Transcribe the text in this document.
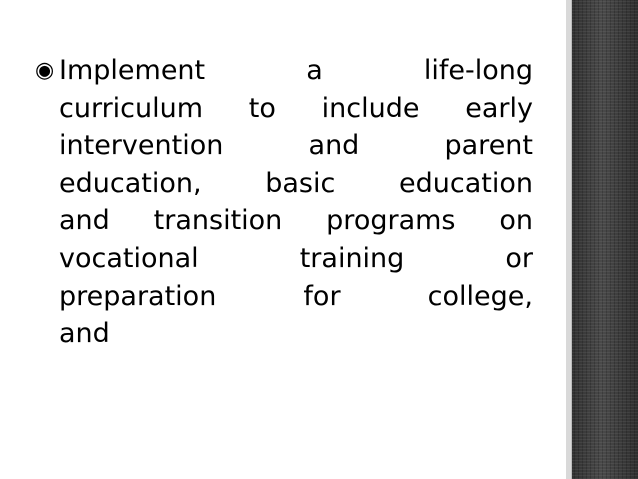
◉ Implement a life-long
curriculum to include early
intervention and parent
education, basic education
and transition programs on
vocational training or
preparation for college,
and
